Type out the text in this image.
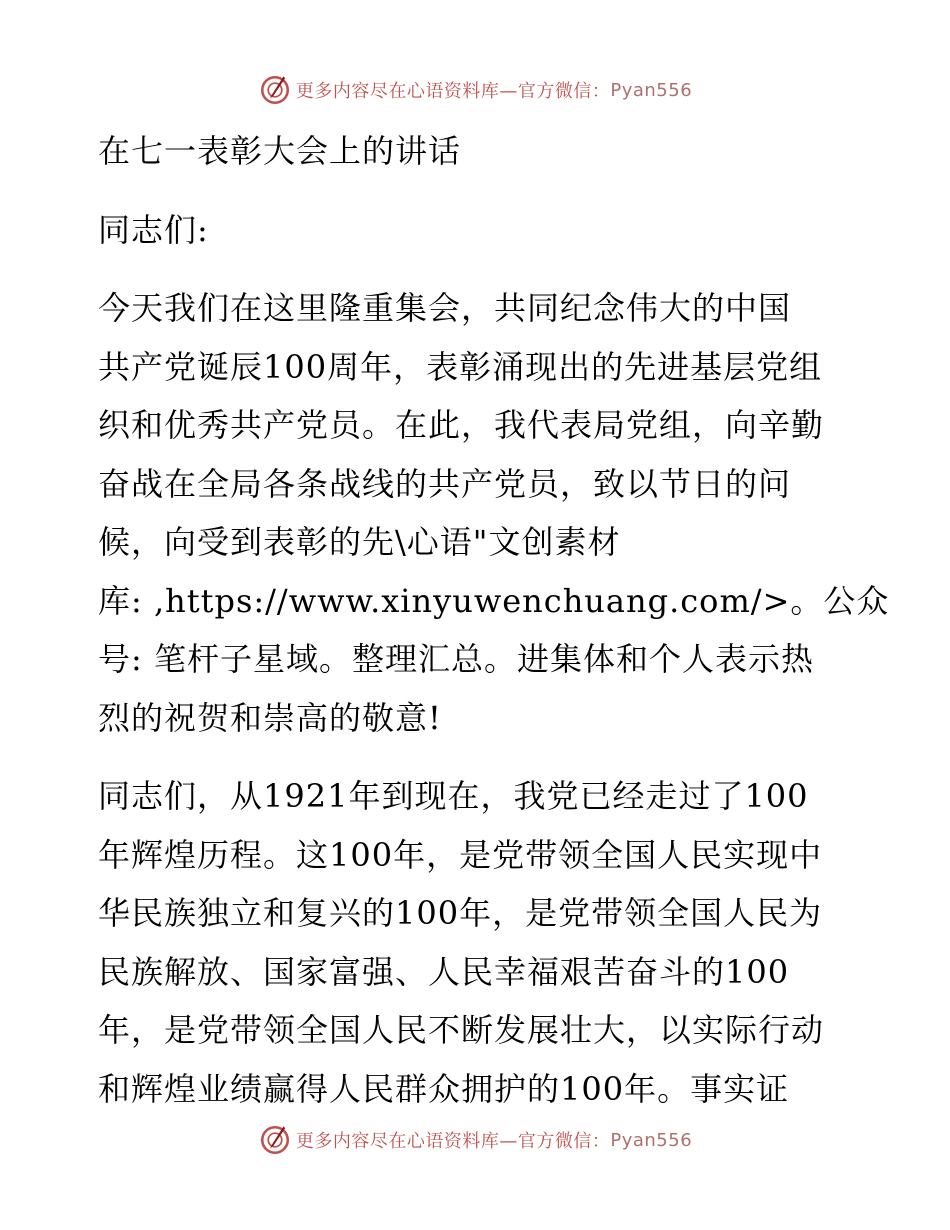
更多内容尽在心语资料库—官方微信： Pyan556
在七一表彰大会上的讲话
同志们:
今天我们在这里隆重集会，共同纪念伟大的中国
共产党诞辰100周年，表彰涌现出的先进基层党组
织和优秀共产党员。在此，我代表局党组，向辛勤
奋战在全局各条战线的共产党员，致以节日的问
候，向受到表彰的先\心语"文创素材
库: ,https://www.xinyuwenchuang.com/>。公众
号: 笔杆子星域。整理汇总。进集体和个人表示热
烈的祝贺和崇高的敬意!
同志们，从1921年到现在，我党已经走过了100
年辉煌历程。这100年，是党带领全国人民实现中
华民族独立和复兴的100年，是党带领全国人民为
民族解放、国家富强、人民幸福艰苦奋斗的100
年，是党带领全国人民不断发展壮大，以实际行动
和辉煌业绩赢得人民群众拥护的100年。事实证
更多内容尽在心语资料库—官方微信： Pyan556
